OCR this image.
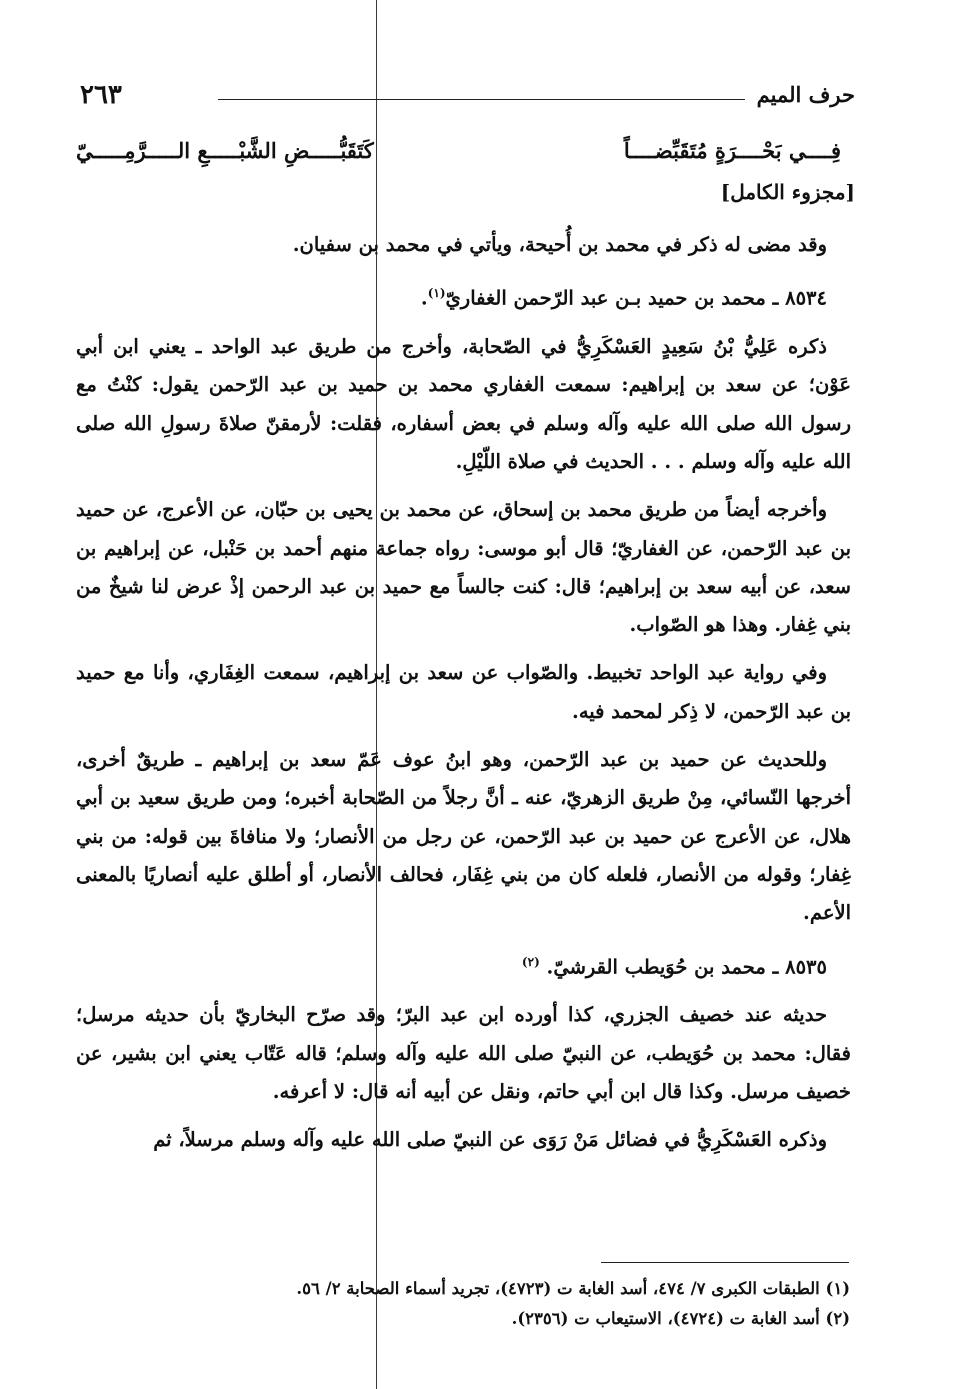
٢٦٣	حرف الميم
فِــــي بَحْــــرَةٍ مُتَقَبِّضــــاً
كَتَقَبُّـــــضِ الشَّبْـــــعِ الـــــرَّمِـــــيّ
[مجزوء الكامل]

وقد مضى له ذكر في محمد بن أُحيحة، ويأتي في محمد بن سفيان.

٨٥٣٤ ـ محمد بن حميد بـن عبد الرّحمن الغفاريّ$^{(١)}$.

ذكره عَلِيُّ بْنُ سَعِيدٍ العَسْكَرِيُّ في الصّحابة، وأخرج من طريق عبد الواحد ـ يعني ابن أبي عَوْن؛ عن سعد بن إبراهيم: سمعت الغفاري محمد بن حميد بن عبد الرّحمن يقول: كنْتُ مع رسول الله صلى الله عليه وآله وسلم في بعض أسفاره، فقلت: لأرمقنّ صلاةَ رسولِ الله صلى الله عليه وآله وسلم . . . الحديث في صلاة اللّيْلِ.

وأخرجه أيضاً من طريق محمد بن إسحاق، عن محمد بن يحيى بن حبّان، عن الأعرج، عن حميد بن عبد الرّحمن، عن الغفاريّ؛ قال أبو موسى: رواه جماعة منهم أحمد بن حَنْبل، عن إبراهيم بن سعد، عن أبيه سعد بن إبراهيم؛ قال: كنت جالساً مع حميد بن عبد الرحمن إذْ عرض لنا شيخٌ من بني غِفار. وهذا هو الصّواب.

وفي رواية عبد الواحد تخبيط. والصّواب عن سعد بن إبراهيم، سمعت الغِفَاري، وأنا مع حميد بن عبد الرّحمن، لا ذِكر لمحمد فيه.

وللحديث عن حميد بن عبد الرّحمن، وهو ابنُ عوف عَمّ سعد بن إبراهيم ـ طريقٌ أخرى، أخرجها النّسائي، مِنْ طريق الزهريّ، عنه ـ أنَّ رجلاً من الصّحابة أخبره؛ ومن طريق سعيد بن أبي هلال، عن الأعرج عن حميد بن عبد الرّحمن، عن رجل من الأنصار؛ ولا منافاةَ بين قوله: من بني غِفار؛ وقوله من الأنصار، فلعله كان من بني غِفَار، فحالف الأنصار، أو أطلق عليه أنصاريًا بالمعنى الأعم.

٨٥٣٥ ـ محمد بن حُوَيطب القرشيّ. $^{(٢)}$

حديثه عند خصيف الجزري، كذا أورده ابن عبد البرّ؛ وقد صرّح البخاريّ بأن حديثه مرسل؛ فقال: محمد بن حُوَيطب، عن النبيّ صلى الله عليه وآله وسلم؛ قاله عَتّاب يعني ابن بشير، عن خصيف مرسل. وكذا قال ابن أبي حاتم، ونقل عن أبيه أنه قال: لا أعرفه.

وذكره العَسْكَرِيُّ في فضائل مَنْ رَوَى عن النبيّ صلى الله عليه وآله وسلم مرسلاً، ثم

(١) الطبقات الكبرى ٧/ ٤٧٤، أسد الغابة ت (٤٧٢٣)، تجريد أسماء الصحابة ٢/ ٥٦.
(٢) أسد الغابة ت (٤٧٢٤)، الاستيعاب ت (٢٣٥٦).
